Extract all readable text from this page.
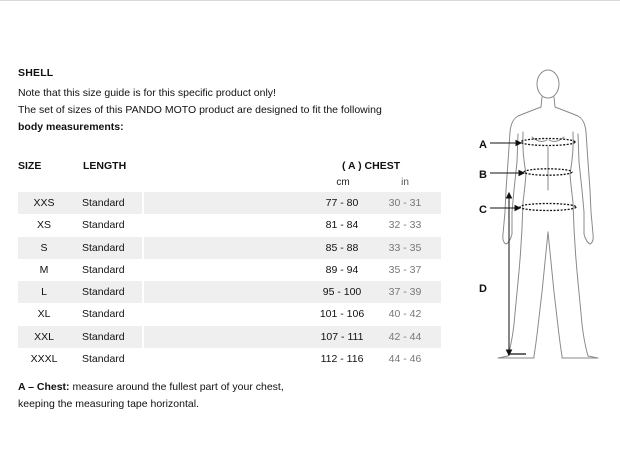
SHELL
Note that this size guide is for this specific product only!
The set of sizes of this PANDO MOTO product are designed to fit the following
body measurements:
SIZE	LENGTH	( A ) CHEST
cm	in
XXS	Standard	77 - 80	30 - 31
XS	Standard	81 - 84	32 - 33
S	Standard	85 - 88	33 - 35
M	Standard	89 - 94	35 - 37
L	Standard	95 - 100	37 - 39
XL	Standard	101 - 106	40 - 42
XXL	Standard	107 - 111	42 - 44
XXXL	Standard	112 - 116	44 - 46
A – Chest: measure around the fullest part of your chest,
keeping the measuring tape horizontal.
A
B
C
D
